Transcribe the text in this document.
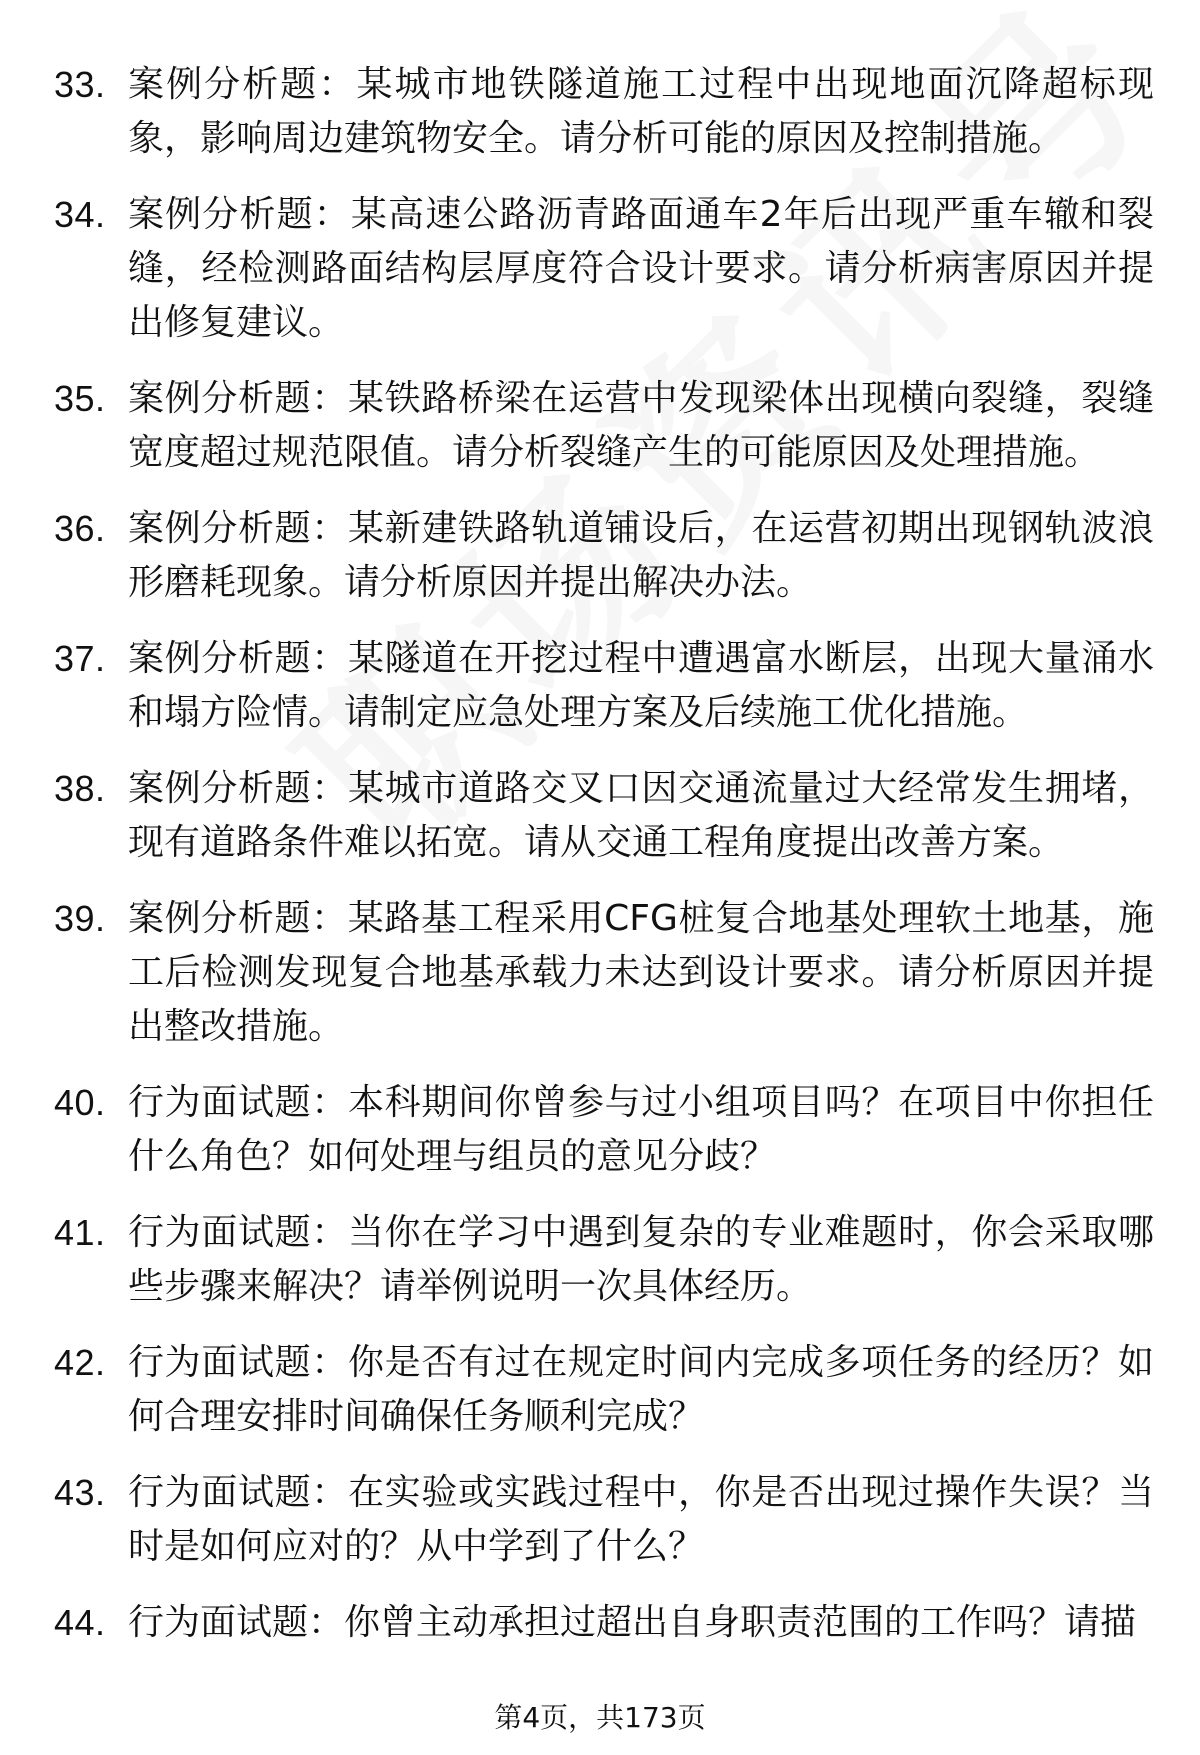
33. 案例分析题：某城市地铁隧道施工过程中出现地面沉降超标现象，影响周边建筑物安全。请分析可能的原因及控制措施。
34. 案例分析题：某高速公路沥青路面通车2年后出现严重车辙和裂缝，经检测路面结构层厚度符合设计要求。请分析病害原因并提出修复建议。
35. 案例分析题：某铁路桥梁在运营中发现梁体出现横向裂缝，裂缝宽度超过规范限值。请分析裂缝产生的可能原因及处理措施。
36. 案例分析题：某新建铁路轨道铺设后，在运营初期出现钢轨波浪形磨耗现象。请分析原因并提出解决办法。
37. 案例分析题：某隧道在开挖过程中遭遇富水断层，出现大量涌水和塌方险情。请制定应急处理方案及后续施工优化措施。
38. 案例分析题：某城市道路交叉口因交通流量过大经常发生拥堵，现有道路条件难以拓宽。请从交通工程角度提出改善方案。
39. 案例分析题：某路基工程采用CFG桩复合地基处理软土地基，施工后检测发现复合地基承载力未达到设计要求。请分析原因并提出整改措施。
40. 行为面试题：本科期间你曾参与过小组项目吗？在项目中你担任什么角色？如何处理与组员的意见分歧？
41. 行为面试题：当你在学习中遇到复杂的专业难题时，你会采取哪些步骤来解决？请举例说明一次具体经历。
42. 行为面试题：你是否有过在规定时间内完成多项任务的经历？如何合理安排时间确保任务顺利完成？
43. 行为面试题：在实验或实践过程中，你是否出现过操作失误？当时是如何应对的？从中学到了什么？
44. 行为面试题：你曾主动承担过超出自身职责范围的工作吗？请描
第4页，共173页
